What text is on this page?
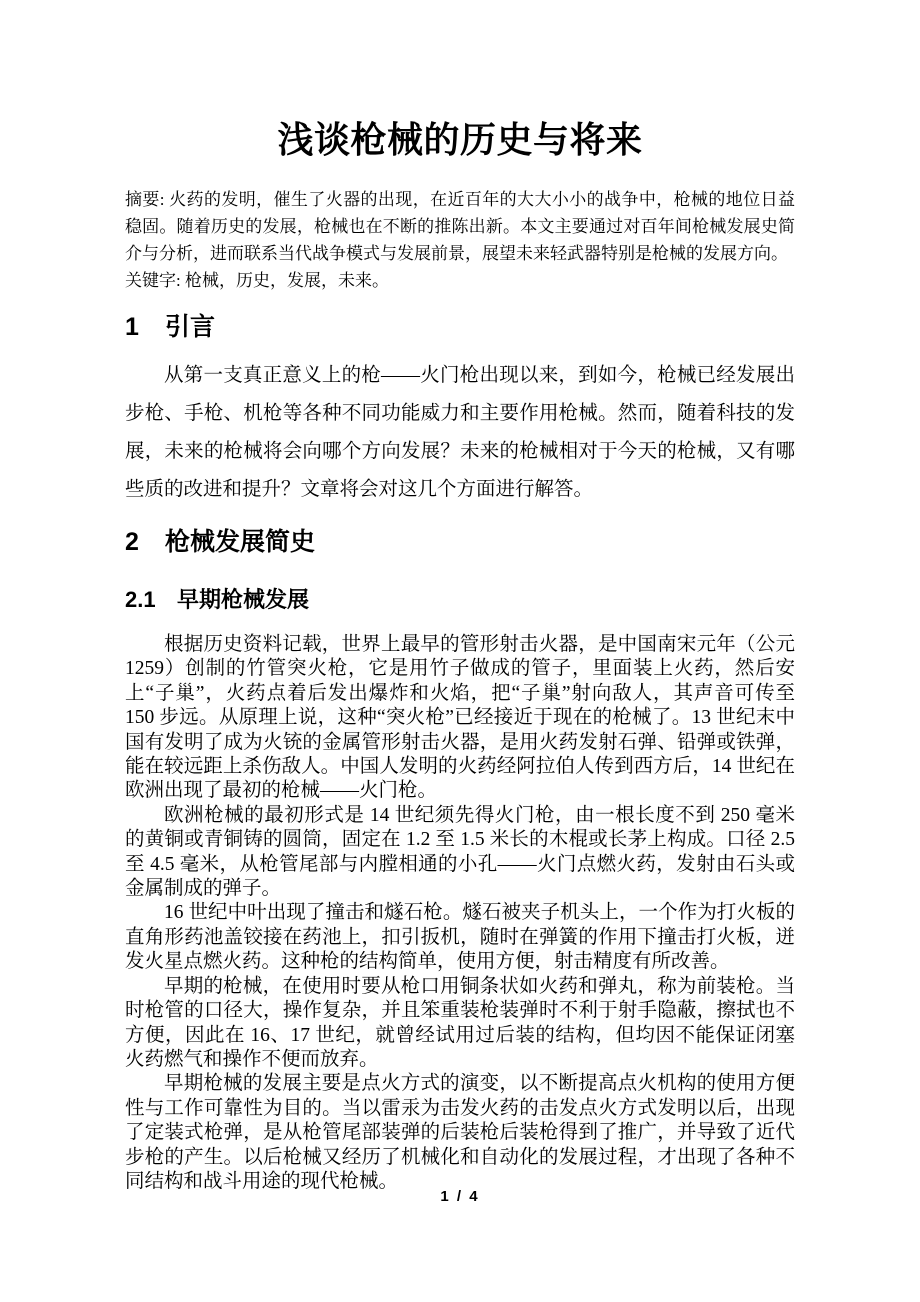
浅谈枪械的历史与将来

摘要: 火药的发明，催生了火器的出现，在近百年的大大小小的战争中，枪械的地位日益稳固。随着历史的发展，枪械也在不断的推陈出新。本文主要通过对百年间枪械发展史简介与分析，进而联系当代战争模式与发展前景，展望未来轻武器特别是枪械的发展方向。

关键字: 枪械，历史，发展，未来。

1 引言

从第一支真正意义上的枪——火门枪出现以来，到如今，枪械已经发展出步枪、手枪、机枪等各种不同功能威力和主要作用枪械。然而，随着科技的发展，未来的枪械将会向哪个方向发展？未来的枪械相对于今天的枪械，又有哪些质的改进和提升？文章将会对这几个方面进行解答。

2 枪械发展简史
2.1 早期枪械发展

根据历史资料记载，世界上最早的管形射击火器，是中国南宋元年（公元 1259）创制的竹管突火枪，它是用竹子做成的管子，里面装上火药，然后安上“子巢”，火药点着后发出爆炸和火焰，把“子巢”射向敌人，其声音可传至 150 步远。从原理上说，这种“突火枪”已经接近于现在的枪械了。13 世纪末中国有发明了成为火铳的金属管形射击火器，是用火药发射石弹、铅弹或铁弹，能在较远距上杀伤敌人。中国人发明的火药经阿拉伯人传到西方后，14 世纪在欧洲出现了最初的枪械——火门枪。

欧洲枪械的最初形式是 14 世纪须先得火门枪，由一根长度不到 250 毫米的黄铜或青铜铸的圆筒，固定在 1.2 至 1.5 米长的木棍或长茅上构成。口径 2.5 至 4.5 毫米，从枪管尾部与内膛相通的小孔——火门点燃火药，发射由石头或金属制成的弹子。

16 世纪中叶出现了撞击和燧石枪。燧石被夹子机头上，一个作为打火板的直角形药池盖铰接在药池上，扣引扳机，随时在弹簧的作用下撞击打火板，迸发火星点燃火药。这种枪的结构简单，使用方便，射击精度有所改善。

早期的枪械，在使用时要从枪口用铜条状如火药和弹丸，称为前装枪。当时枪管的口径大，操作复杂，并且笨重装枪装弹时不利于射手隐蔽，擦拭也不方便，因此在 16、17 世纪，就曾经试用过后装的结构，但均因不能保证闭塞火药燃气和操作不便而放弃。

早期枪械的发展主要是点火方式的演变，以不断提高点火机构的使用方便性与工作可靠性为目的。当以雷汞为击发火药的击发点火方式发明以后，出现了定装式枪弹，是从枪管尾部装弹的后装枪后装枪得到了推广，并导致了近代步枪的产生。以后枪械又经历了机械化和自动化的发展过程，才出现了各种不同结构和战斗用途的现代枪械。

1 / 4
